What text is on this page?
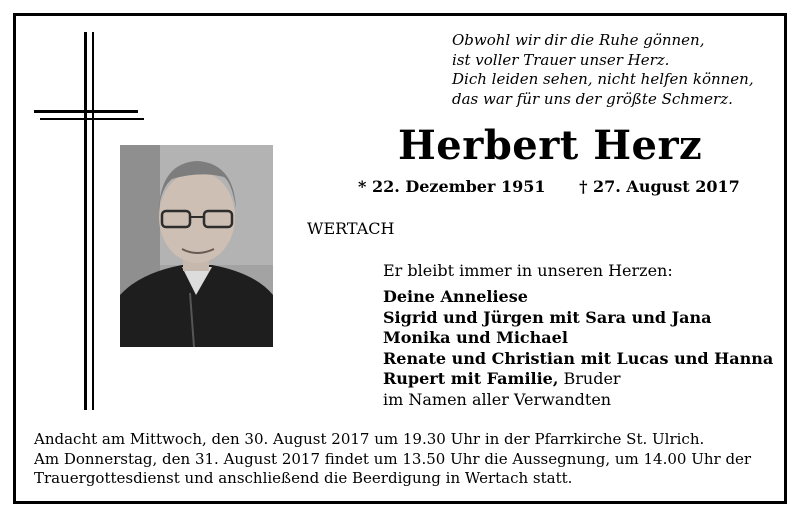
Obwohl wir dir die Ruhe gönnen,
ist voller Trauer unser Herz.
Dich leiden sehen, nicht helfen können,
das war für uns der größte Schmerz.
Herbert Herz
* 22. Dezember 1951 † 27. August 2017
WERTACH
Er bleibt immer in unseren Herzen:
Deine Anneliese
Sigrid und Jürgen mit Sara und Jana
Monika und Michael
Renate und Christian mit Lucas und Hanna
Rupert mit Familie, Bruder
im Namen aller Verwandten
Andacht am Mittwoch, den 30. August 2017 um 19.30 Uhr in der Pfarrkirche St. Ulrich.
Am Donnerstag, den 31. August 2017 findet um 13.50 Uhr die Aussegnung, um 14.00 Uhr der
Trauergottesdienst und anschließend die Beerdigung in Wertach statt.
